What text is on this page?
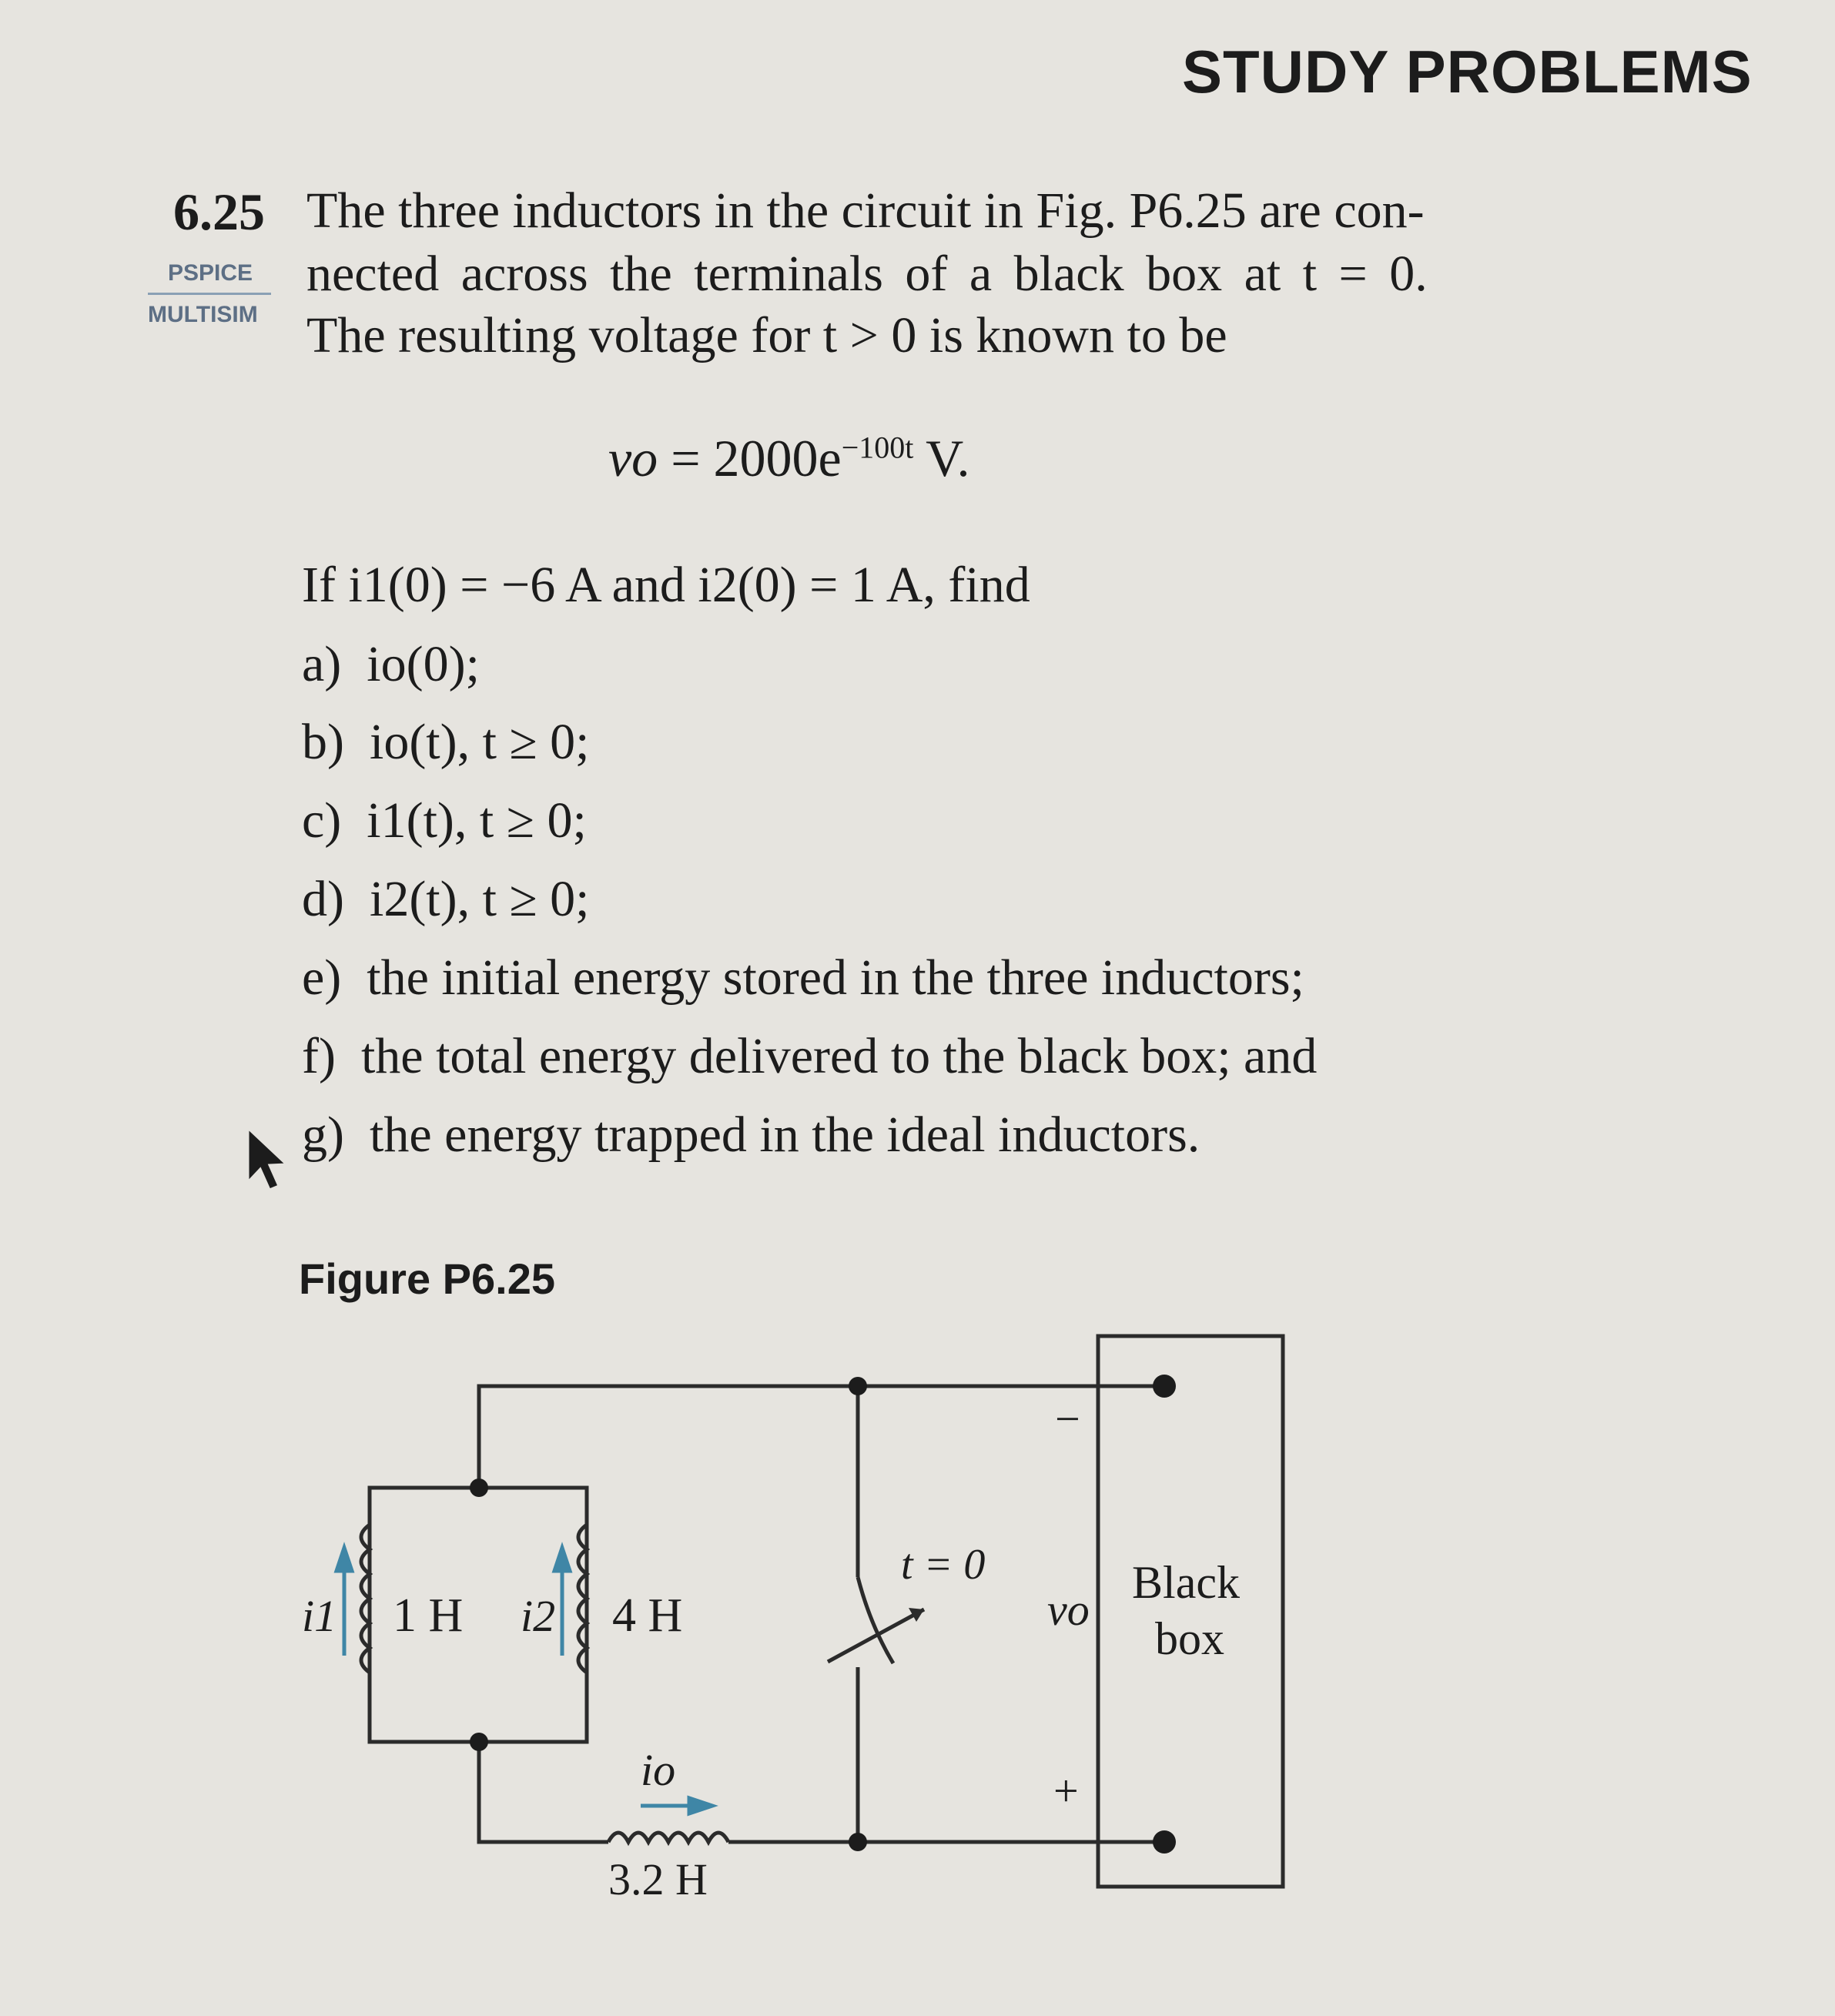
STUDY PROBLEMS
6.25
PSPICE
MULTISIM
The three inductors in the circuit in Fig. P6.25 are con-
nected across the terminals of a black box at t = 0.
The resulting voltage for t > 0 is known to be
vo = $2000e^{-100t}$ V.
If i1(0) = −6 A and i2(0) = 1 A, find
a) io(0);
b) io(t), t ≥ 0;
c) i1(t), t ≥ 0;
d) i2(t), t ≥ 0;
e) the initial energy stored in the three inductors;
f) the total energy delivered to the black box; and
g) the energy trapped in the ideal inductors.
Figure P6.25
i1 1 H i2 4 H
io
3.2 H
t = 0
vo
−
+
Black
box
